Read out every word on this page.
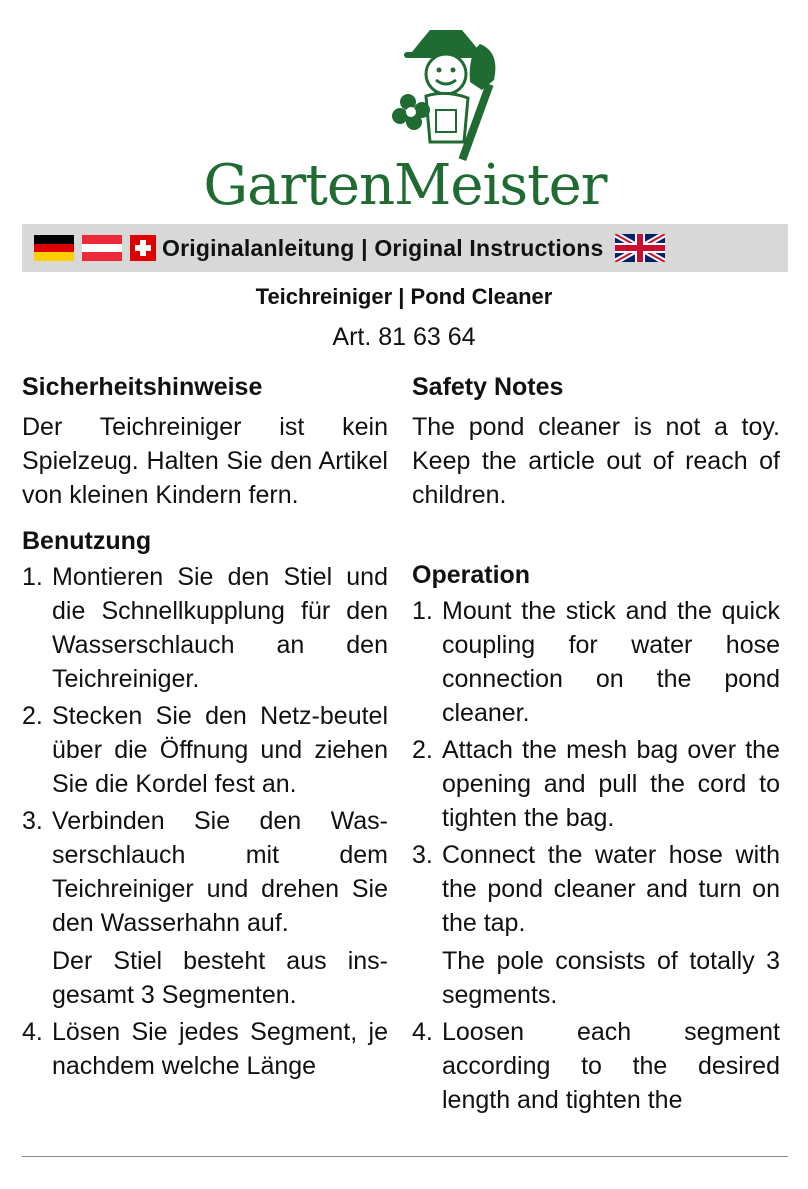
GartenMeister
Originalanleitung | Original Instructions
Teichreiniger | Pond Cleaner
Art. 81 63 64
Sicherheitshinweise

Der Teichreiniger ist kein Spielzeug. Halten Sie den Artikel von kleinen Kindern fern.

Benutzung
1. Montieren Sie den Stiel und die Schnellkupplung für den Wasserschlauch an den Teichreiniger.
2. Stecken Sie den Netz-beutel über die Öffnung und ziehen Sie die Kordel fest an.
3. Verbinden Sie den Was-serschlauch mit dem Teichreiniger und drehen Sie den Wasserhahn auf.
Der Stiel besteht aus ins-gesamt 3 Segmenten.
4. Lösen Sie jedes Segment, je nachdem welche Länge
Safety Notes

The pond cleaner is not a toy. Keep the article out of reach of children.

Operation
1. Mount the stick and the quick coupling for water hose connection on the pond cleaner.
2. Attach the mesh bag over the opening and pull the cord to tighten the bag.
3. Connect the water hose with the pond cleaner and turn on the tap.
The pole consists of totally 3 segments.
4. Loosen each segment according to the desired length and tighten the
